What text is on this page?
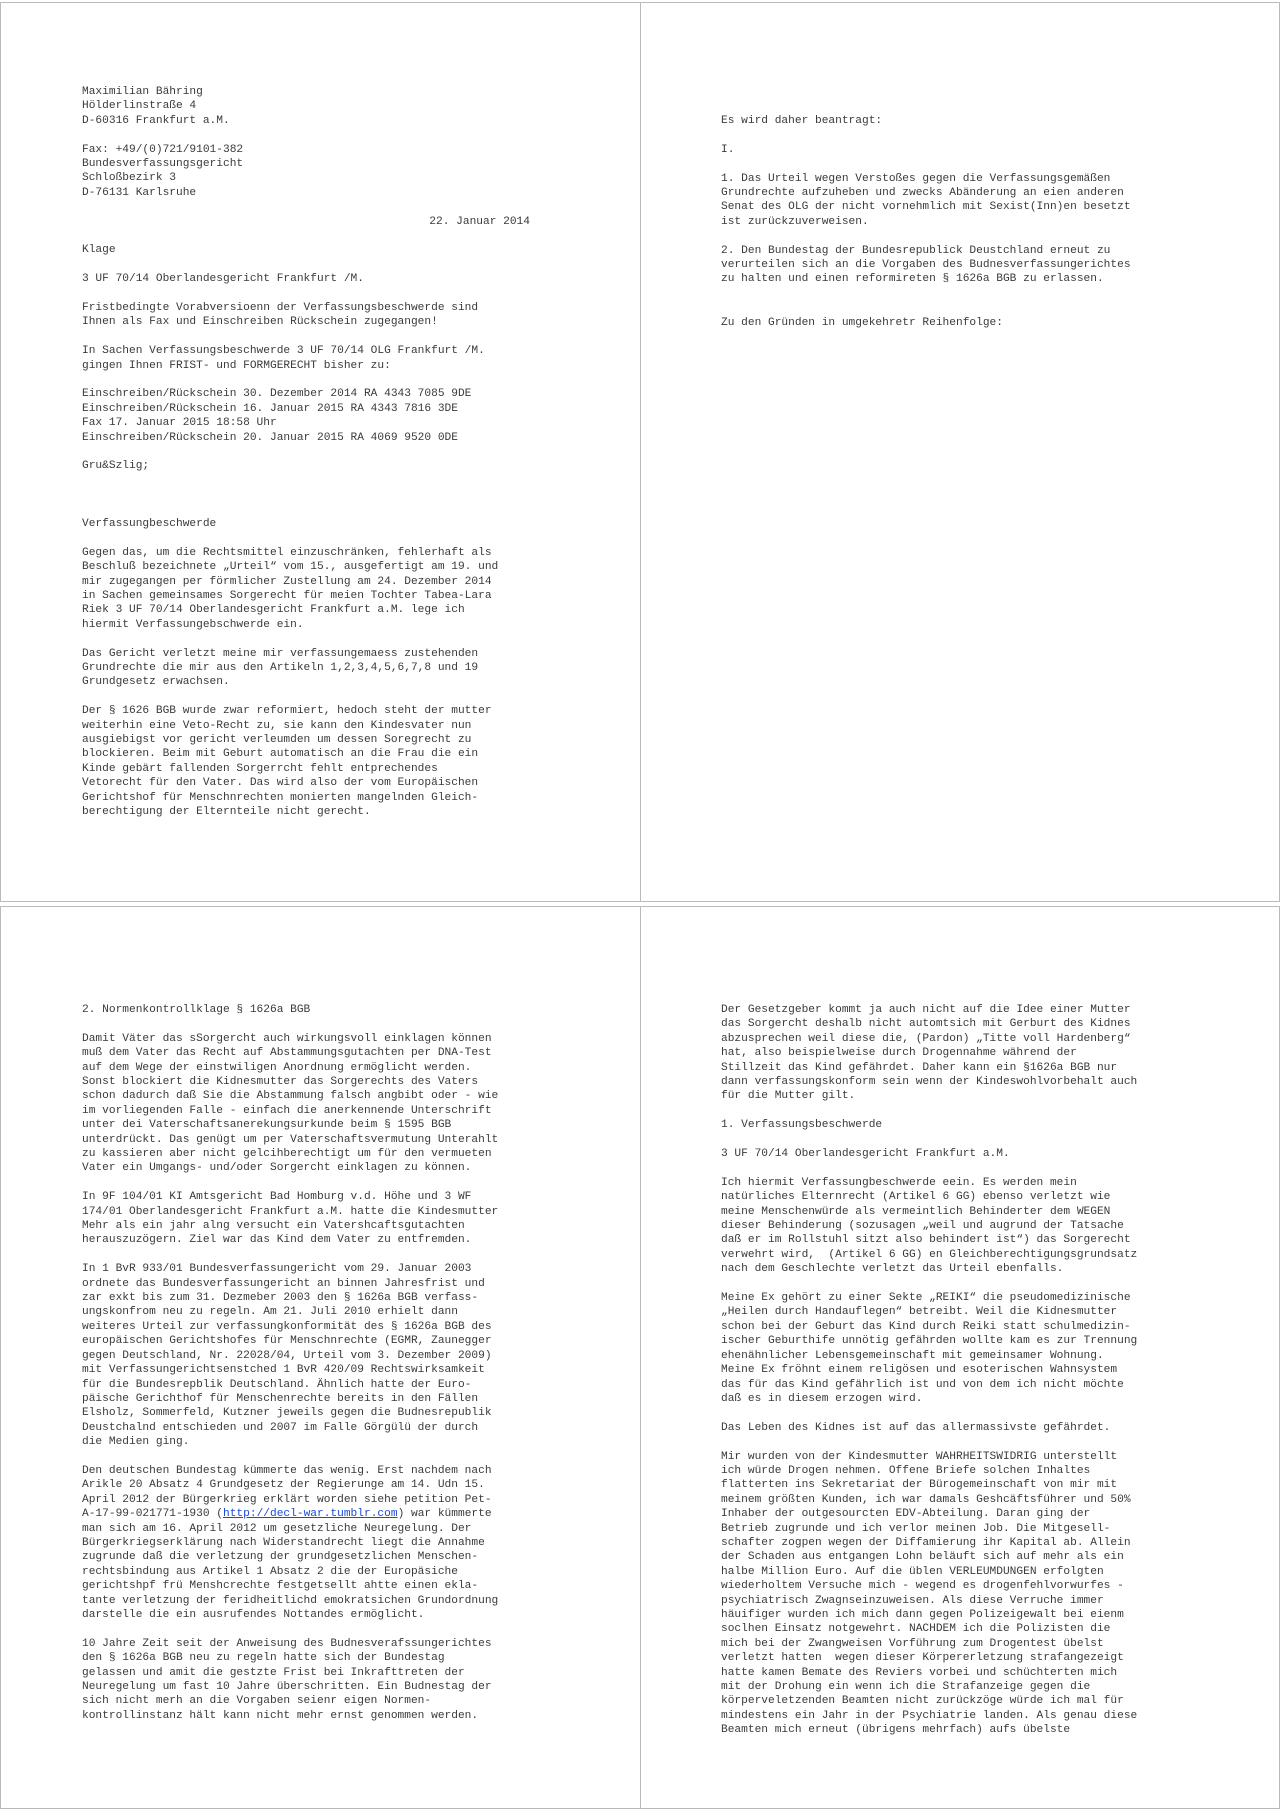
Maximilian Bähring
Hölderlinstraße 4
D-60316 Frankfurt a.M.
Fax: +49/(0)721/9101-382
Bundesverfassungsgericht
Schloßbezirk 3
D-76131 Karlsruhe
22. Januar 2014
Klage
3 UF 70/14 Oberlandesgericht Frankfurt /M.
Fristbedingte Vorabversioenn der Verfassungsbeschwerde sind
Ihnen als Fax und Einschreiben Rückschein zugegangen!
In Sachen Verfassungsbeschwerde 3 UF 70/14 OLG Frankfurt /M.
gingen Ihnen FRIST- und FORMGERECHT bisher zu:
Einschreiben/Rückschein 30. Dezember 2014 RA 4343 7085 9DE
Einschreiben/Rückschein 16. Januar 2015 RA 4343 7816 3DE
Fax 17. Januar 2015 18:58 Uhr
Einschreiben/Rückschein 20. Januar 2015 RA 4069 9520 0DE
Gru&Szlig;
Verfassungbeschwerde
Gegen das, um die Rechtsmittel einzuschränken, fehlerhaft als
Beschluß bezeichnete „Urteil“ vom 15., ausgefertigt am 19. und
mir zugegangen per förmlicher Zustellung am 24. Dezember 2014
in Sachen gemeinsames Sorgerecht für meien Tochter Tabea-Lara
Riek 3 UF 70/14 Oberlandesgericht Frankfurt a.M. lege ich
hiermit Verfassungebschwerde ein.
Das Gericht verletzt meine mir verfassungemaess zustehenden
Grundrechte die mir aus den Artikeln 1,2,3,4,5,6,7,8 und 19
Grundgesetz erwachsen.
Der § 1626 BGB wurde zwar reformiert, hedoch steht der mutter
weiterhin eine Veto-Recht zu, sie kann den Kindesvater nun
ausgiebigst vor gericht verleumden um dessen Soregrecht zu
blockieren. Beim mit Geburt automatisch an die Frau die ein
Kinde gebärt fallenden Sorgerrcht fehlt entprechendes
Vetorecht für den Vater. Das wird also der vom Europäischen
Gerichtshof für Menschnrechten monierten mangelnden Gleich-
berechtigung der Elternteile nicht gerecht.
Es wird daher beantragt:
I.
1. Das Urteil wegen Verstoßes gegen die Verfassungsgemäßen
Grundrechte aufzuheben und zwecks Abänderung an eien anderen
Senat des OLG der nicht vornehmlich mit Sexist(Inn)en besetzt
ist zurückzuverweisen.
2. Den Bundestag der Bundesrepublick Deustchland erneut zu
verurteilen sich an die Vorgaben des Budnesverfassungerichtes
zu halten und einen reformireten § 1626a BGB zu erlassen.
Zu den Gründen in umgekehretr Reihenfolge:
2. Normenkontrollklage § 1626a BGB
Damit Väter das sSorgercht auch wirkungsvoll einklagen können
muß dem Vater das Recht auf Abstammungsgutachten per DNA-Test
auf dem Wege der einstwiligen Anordnung ermöglicht werden.
Sonst blockiert die Kidnesmutter das Sorgerechts des Vaters
schon dadurch daß Sie die Abstammung falsch angbibt oder - wie
im vorliegenden Falle - einfach die anerkennende Unterschrift
unter dei Vaterschaftsanerekungsurkunde beim § 1595 BGB
unterdrückt. Das genügt um per Vaterschaftsvermutung Unterahlt
zu kassieren aber nicht gelcihberechtigt um für den vermueten
Vater ein Umgangs- und/oder Sorgercht einklagen zu können.
In 9F 104/01 KI Amtsgericht Bad Homburg v.d. Höhe und 3 WF
174/01 Oberlandesgericht Frankfurt a.M. hatte die Kindesmutter
Mehr als ein jahr alng versucht ein Vatershcaftsgutachten
herauszuzögern. Ziel war das Kind dem Vater zu entfremden.
In 1 BvR 933/01 Bundesverfassungericht vom 29. Januar 2003
ordnete das Bundesverfassungericht an binnen Jahresfrist und
zar exkt bis zum 31. Dezmeber 2003 den § 1626a BGB verfass-
ungskonfrom neu zu regeln. Am 21. Juli 2010 erhielt dann
weiteres Urteil zur verfassungkonformität des § 1626a BGB des
europäischen Gerichtshofes für Menschnrechte (EGMR, Zaunegger
gegen Deutschland, Nr. 22028/04, Urteil vom 3. Dezember 2009)
mit Verfassungerichtsenstched 1 BvR 420/09 Rechtswirksamkeit
für die Bundesrepblik Deutschland. Ähnlich hatte der Euro-
päische Gerichthof für Menschenrechte bereits in den Fällen
Elsholz, Sommerfeld, Kutzner jeweils gegen die Budnesrepublik
Deustchalnd entschieden und 2007 im Falle Görgülü der durch
die Medien ging.
Den deutschen Bundestag kümmerte das wenig. Erst nachdem nach
Arikle 20 Absatz 4 Grundgesetz der Regierunge am 14. Udn 15.
April 2012 der Bürgerkrieg erklärt worden siehe petition Pet-
A-17-99-021771-1930 (http://decl-war.tumblr.com) war kümmerte
man sich am 16. April 2012 um gesetzliche Neuregelung. Der
Bürgerkriegserklärung nach Widerstandrecht liegt die Annahme
zugrunde daß die verletzung der grundgesetzlichen Menschen-
rechtsbindung aus Artikel 1 Absatz 2 die der Europäsiche
gerichtshpf frü Menshcrechte festgetsellt ahtte einen ekla-
tante verletzung der feridheitlichd emokratsichen Grundordnung
darstelle die ein ausrufendes Nottandes ermöglicht.
10 Jahre Zeit seit der Anweisung des Budnesverafssungerichtes
den § 1626a BGB neu zu regeln hatte sich der Bundestag
gelassen und amit die gestzte Frist bei Inkrafttreten der
Neuregelung um fast 10 Jahre überschritten. Ein Budnestag der
sich nicht merh an die Vorgaben seienr eigen Normen-
kontrollinstanz hält kann nicht mehr ernst genommen werden.
Der Gesetzgeber kommt ja auch nicht auf die Idee einer Mutter
das Sorgercht deshalb nicht automtsich mit Gerburt des Kidnes
abzusprechen weil diese die, (Pardon) „Titte voll Hardenberg“
hat, also beispielweise durch Drogennahme während der
Stillzeit das Kind gefährdet. Daher kann ein §1626a BGB nur
dann verfassungskonform sein wenn der Kindeswohlvorbehalt auch
für die Mutter gilt.
1. Verfassungsbeschwerde
3 UF 70/14 Oberlandesgericht Frankfurt a.M.
Ich hiermit Verfassungbeschwerde eein. Es werden mein
natürliches Elternrecht (Artikel 6 GG) ebenso verletzt wie
meine Menschenwürde als vermeintlich Behinderter dem WEGEN
dieser Behinderung (sozusagen „weil und augrund der Tatsache
daß er im Rollstuhl sitzt also behindert ist“) das Sorgerecht
verwehrt wird,  (Artikel 6 GG) en Gleichberechtigungsgrundsatz
nach dem Geschlechte verletzt das Urteil ebenfalls.
Meine Ex gehört zu einer Sekte „REIKI“ die pseudomedizinische
„Heilen durch Handauflegen“ betreibt. Weil die Kidnesmutter
schon bei der Geburt das Kind durch Reiki statt schulmedizin-
ischer Geburthife unnötig gefährden wollte kam es zur Trennung
ehenähnlicher Lebensgemeinschaft mit gemeinsamer Wohnung.
Meine Ex fröhnt einem religösen und esoterischen Wahnsystem
das für das Kind gefährlich ist und von dem ich nicht möchte
daß es in diesem erzogen wird.
Das Leben des Kidnes ist auf das allermassivste gefährdet.
Mir wurden von der Kindesmutter WAHRHEITSWIDRIG unterstellt
ich würde Drogen nehmen. Offene Briefe solchen Inhaltes
flatterten ins Sekretariat der Bürogemeinschaft von mir mit
meinem größten Kunden, ich war damals Geshcäftsführer und 50%
Inhaber der outgesourcten EDV-Abteilung. Daran ging der
Betrieb zugrunde und ich verlor meinen Job. Die Mitgesell-
schafter zogpen wegen der Diffamierung ihr Kapital ab. Allein
der Schaden aus entgangen Lohn beläuft sich auf mehr als ein
halbe Million Euro. Auf die üblen VERLEUMDUNGEN erfolgten
wiederholtem Versuche mich - wegend es drogenfehlvorwurfes -
psychiatrisch Zwagnseinzuweisen. Als diese Verruche immer
häuifiger wurden ich mich dann gegen Polizeigewalt bei eienm
soclhen Einsatz notgewehrt. NACHDEM ich die Polizisten die
mich bei der Zwangweisen Vorführung zum Drogentest übelst
verletzt hatten  wegen dieser Körpererletzung strafangezeigt
hatte kamen Bemate des Reviers vorbei und schüchterten mich
mit der Drohung ein wenn ich die Strafanzeige gegen die
körperveletzenden Beamten nicht zurückzöge würde ich mal für
mindestens ein Jahr in der Psychiatrie landen. Als genau diese
Beamten mich erneut (übrigens mehrfach) aufs übelste
